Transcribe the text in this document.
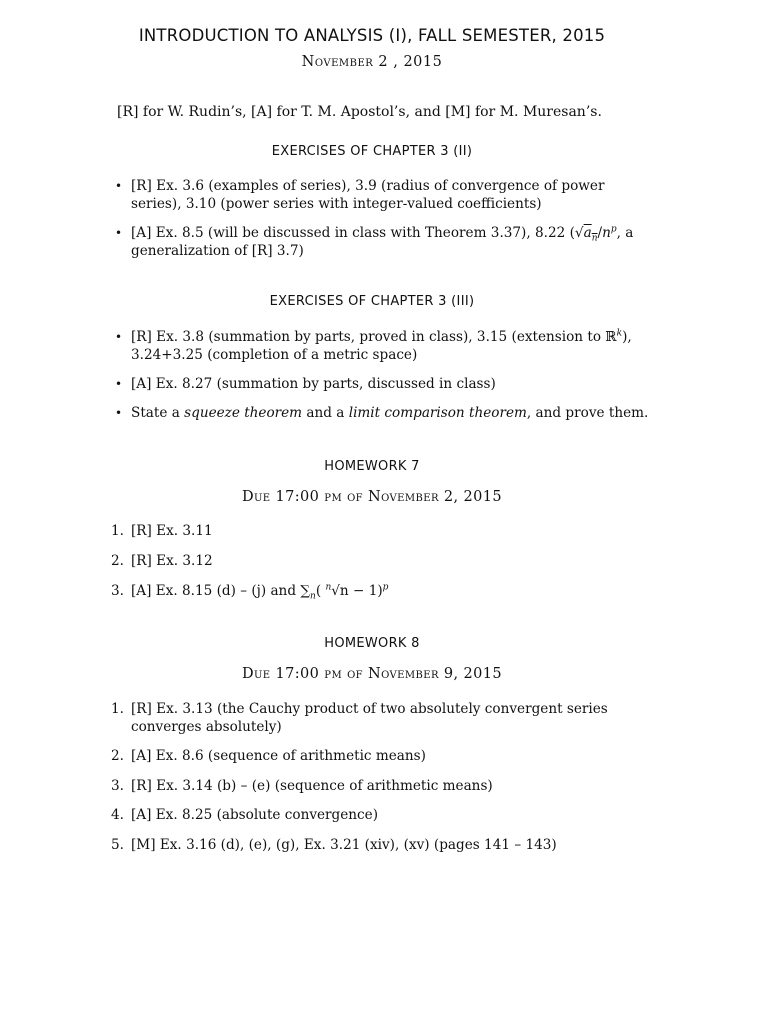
INTRODUCTION TO ANALYSIS (I), FALL SEMESTER, 2015
November 2 , 2015
[R] for W. Rudin’s, [A] for T. M. Apostol’s, and [M] for M. Muresan’s.
EXERCISES OF CHAPTER 3 (II)
• [R] Ex. 3.6 (examples of series), 3.9 (radius of convergence of power series), 3.10 (power series with integer-valued coefficients)
• [A] Ex. 8.5 (will be discussed in class with Theorem 3.37), 8.22 ($√a_n/n^p$, a generalization of [R] 3.7)
EXERCISES OF CHAPTER 3 (III)
• [R] Ex. 3.8 (summation by parts, proved in class), 3.15 (extension to ℝ$^k$), 3.24+3.25 (completion of a metric space)
• [A] Ex. 8.27 (summation by parts, discussed in class)
• State a squeeze theorem and a limit comparison theorem, and prove them.
HOMEWORK 7
Due 17:00 pm of November 2, 2015
1. [R] Ex. 3.11
2. [R] Ex. 3.12
3. [A] Ex. 8.15 (d) – (j) and $\sum_n$( $^n$√n − 1)$^p$
HOMEWORK 8
Due 17:00 pm of November 9, 2015
1. [R] Ex. 3.13 (the Cauchy product of two absolutely convergent series converges absolutely)
2. [A] Ex. 8.6 (sequence of arithmetic means)
3. [R] Ex. 3.14 (b) – (e) (sequence of arithmetic means)
4. [A] Ex. 8.25 (absolute convergence)
5. [M] Ex. 3.16 (d), (e), (g), Ex. 3.21 (xiv), (xv) (pages 141 – 143)
